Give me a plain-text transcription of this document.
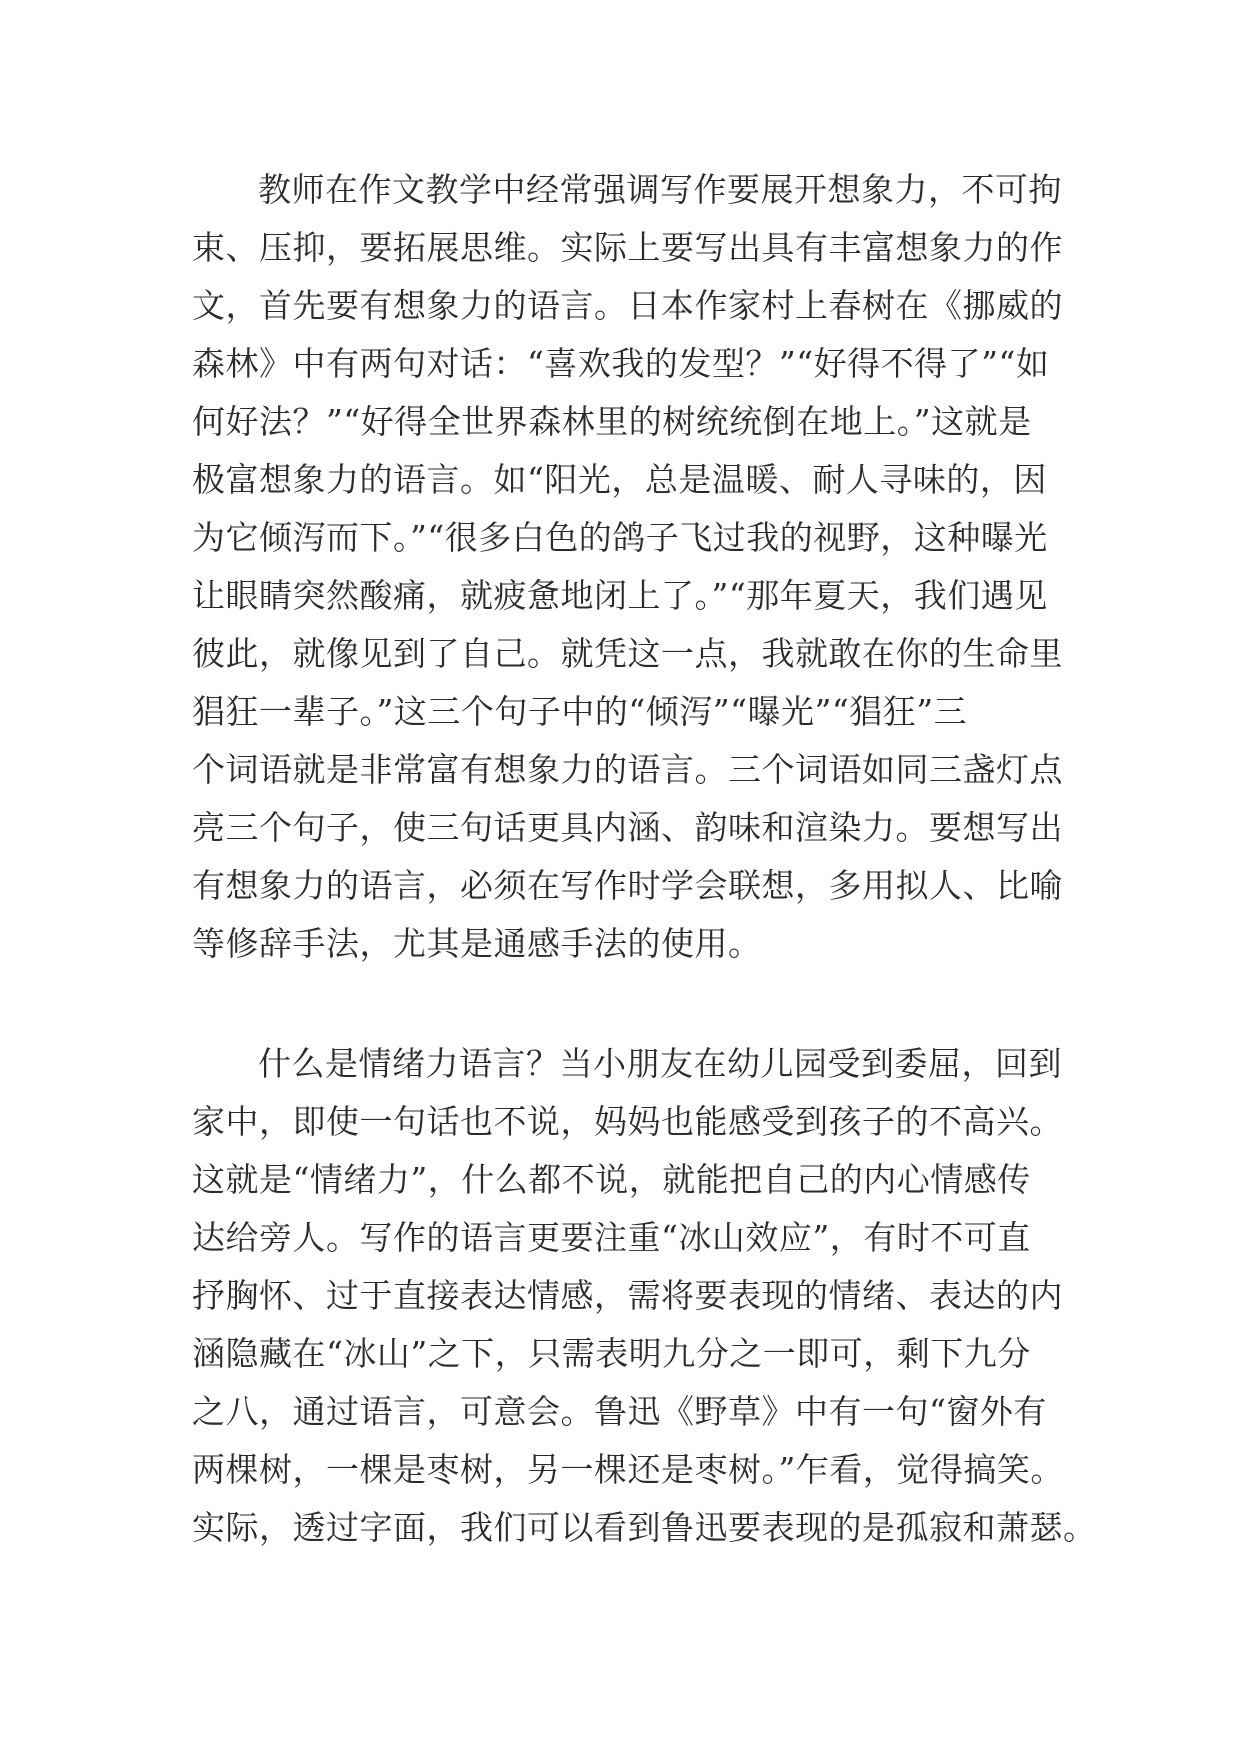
教师在作文教学中经常强调写作要展开想象力，不可拘
束、压抑，要拓展思维。实际上要写出具有丰富想象力的作
文，首先要有想象力的语言。日本作家村上春树在《挪威的
森林》中有两句对话：“喜欢我的发型？”“好得不得了”“如
何好法？”“好得全世界森林里的树统统倒在地上。”这就是
极富想象力的语言。如“阳光，总是温暖、耐人寻味的，因
为它倾泻而下。”“很多白色的鸽子飞过我的视野，这种曝光
让眼睛突然酸痛，就疲惫地闭上了。”“那年夏天，我们遇见
彼此，就像见到了自己。就凭这一点，我就敢在你的生命里
猖狂一辈子。”这三个句子中的“倾泻”“曝光”“猖狂”三
个词语就是非常富有想象力的语言。三个词语如同三盏灯点
亮三个句子，使三句话更具内涵、韵味和渲染力。要想写出
有想象力的语言，必须在写作时学会联想，多用拟人、比喻
等修辞手法，尤其是通感手法的使用。

什么是情绪力语言？当小朋友在幼儿园受到委屈，回到
家中，即使一句话也不说，妈妈也能感受到孩子的不高兴。
这就是“情绪力”，什么都不说，就能把自己的内心情感传
达给旁人。写作的语言更要注重“冰山效应”，有时不可直
抒胸怀、过于直接表达情感，需将要表现的情绪、表达的内
涵隐藏在“冰山”之下，只需表明九分之一即可，剩下九分
之八，通过语言，可意会。鲁迅《野草》中有一句“窗外有
两棵树，一棵是枣树，另一棵还是枣树。”乍看，觉得搞笑。
实际，透过字面，我们可以看到鲁迅要表现的是孤寂和萧瑟。
